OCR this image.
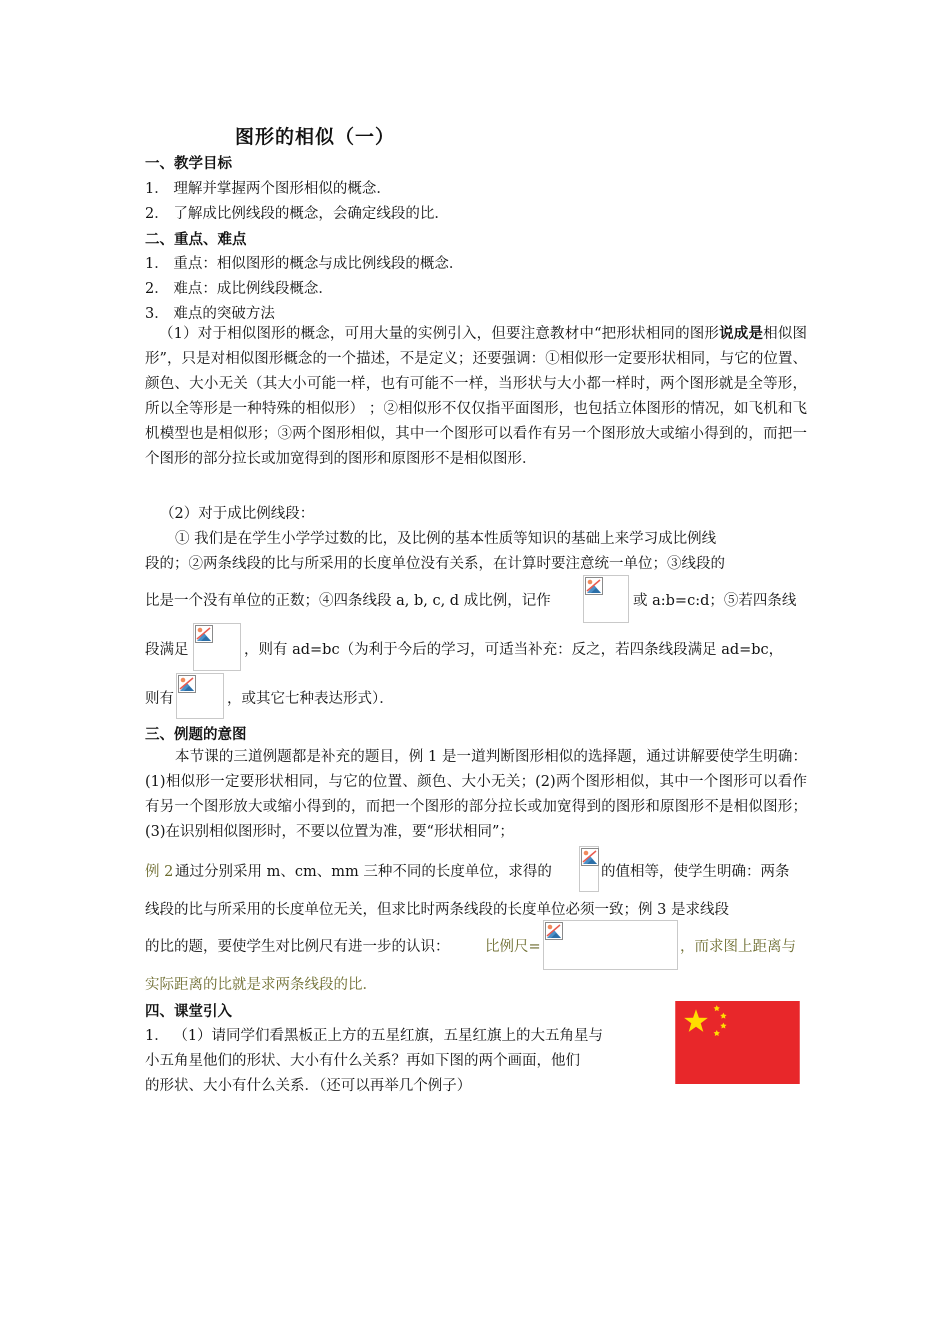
图形的相似（一）
一、教学目标
1． 理解并掌握两个图形相似的概念．
2． 了解成比例线段的概念，会确定线段的比．
二、重点、难点
1． 重点：相似图形的概念与成比例线段的概念．
2． 难点：成比例线段概念．
3． 难点的突破方法
（1）对于相似图形的概念，可用大量的实例引入，但要注意教材中“把形状相同的图形说成是相似图形”，只是对相似图形概念的一个描述，不是定义；还要强调：①相似形一定要形状相同，与它的位置、颜色、大小无关（其大小可能一样，也有可能不一样，当形状与大小都一样时，两个图形就是全等形，所以全等形是一种特殊的相似形） ；②相似形不仅仅指平面图形，也包括立体图形的情况，如飞机和飞机模型也是相似形；③两个图形相似，其中一个图形可以看作有另一个图形放大或缩小得到的，而把一个图形的部分拉长或加宽得到的图形和原图形不是相似图形．
（2）对于成比例线段：
① 我们是在学生小学学过数的比，及比例的基本性质等知识的基础上来学习成比例线
段的；②两条线段的比与所采用的长度单位没有关系，在计算时要注意统一单位；③线段的
比是一个没有单位的正数；④四条线段 a, b, c, d 成比例，记作	或 a:b=c:d；⑤若四条线
段满足	，则有 ad=bc（为利于今后的学习，可适当补充：反之，若四条线段满足 ad=bc，
则有	，或其它七种表达形式）．
三、例题的意图
本节课的三道例题都是补充的题目，例 1 是一道判断图形相似的选择题，通过讲解要使学生明确：(1)相似形一定要形状相同，与它的位置、颜色、大小无关；(2)两个图形相似，其中一个图形可以看作有另一个图形放大或缩小得到的，而把一个图形的部分拉长或加宽得到的图形和原图形不是相似图形；(3)在识别相似图形时，不要以位置为准，要“形状相同”；
例 2 通过分别采用 m、cm、mm 三种不同的长度单位，求得的	的值相等，使学生明确：两条
线段的比与所采用的长度单位无关，但求比时两条线段的长度单位必须一致；例 3 是求线段
的比的题，要使学生对比例尺有进一步的认识： 比例尺=	，而求图上距离与
实际距离的比就是求两条线段的比．
四、课堂引入
1． （1）请同学们看黑板正上方的五星红旗，五星红旗上的大五角星与
小五角星他们的形状、大小有什么关系？再如下图的两个画面，他们
的形状、大小有什么关系．（还可以再举几个例子）
